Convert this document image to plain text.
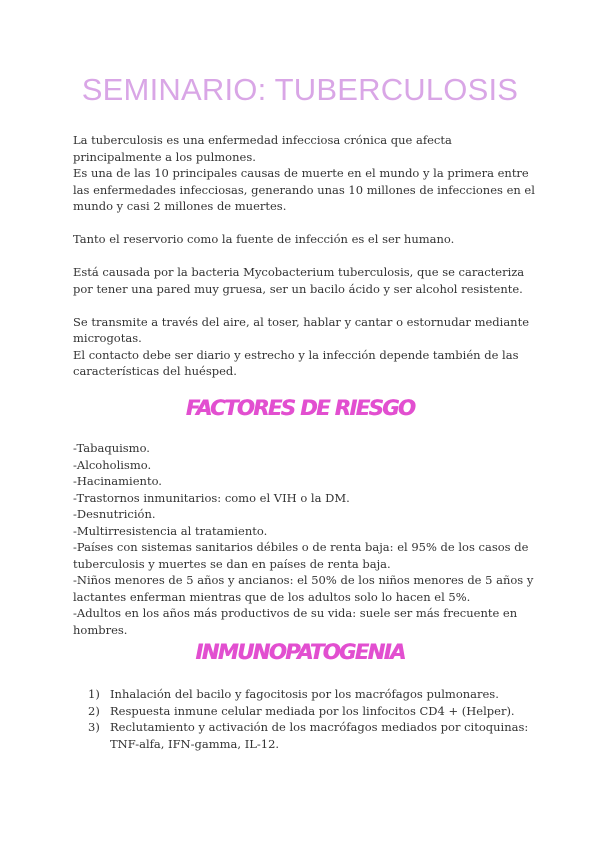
SEMINARIO: TUBERCULOSIS

La tuberculosis es una enfermedad infecciosa crónica que afecta principalmente a los pulmones.

Es una de las 10 principales causas de muerte en el mundo y la primera entre las enfermedades infecciosas, generando unas 10 millones de infecciones en el mundo y casi 2 millones de muertes.

Tanto el reservorio como la fuente de infección es el ser humano.

Está causada por la bacteria Mycobacterium tuberculosis, que se caracteriza por tener una pared muy gruesa, ser un bacilo ácido y ser alcohol resistente.

Se transmite a través del aire, al toser, hablar y cantar o estornudar mediante microgotas.

El contacto debe ser diario y estrecho y la infección depende también de las características del huésped.

FACTORES DE RIESGO
-Tabaquismo.
-Alcoholismo.
-Hacinamiento.
-Trastornos inmunitarios: como el VIH o la DM.
-Desnutrición.
-Multirresistencia al tratamiento.
-Países con sistemas sanitarios débiles o de renta baja: el 95% de los casos de tuberculosis y muertes se dan en países de renta baja.
-Niños menores de 5 años y ancianos: el 50% de los niños menores de 5 años y lactantes enferman mientras que de los adultos solo lo hacen el 5%.
-Adultos en los años más productivos de su vida: suele ser más frecuente en hombres.
INMUNOPATOGENIA
1) Inhalación del bacilo y fagocitosis por los macrófagos pulmonares.
2) Respuesta inmune celular mediada por los linfocitos CD4 + (Helper).
3) Reclutamiento y activación de los macrófagos mediados por citoquinas: TNF-alfa, IFN-gamma, IL-12.
